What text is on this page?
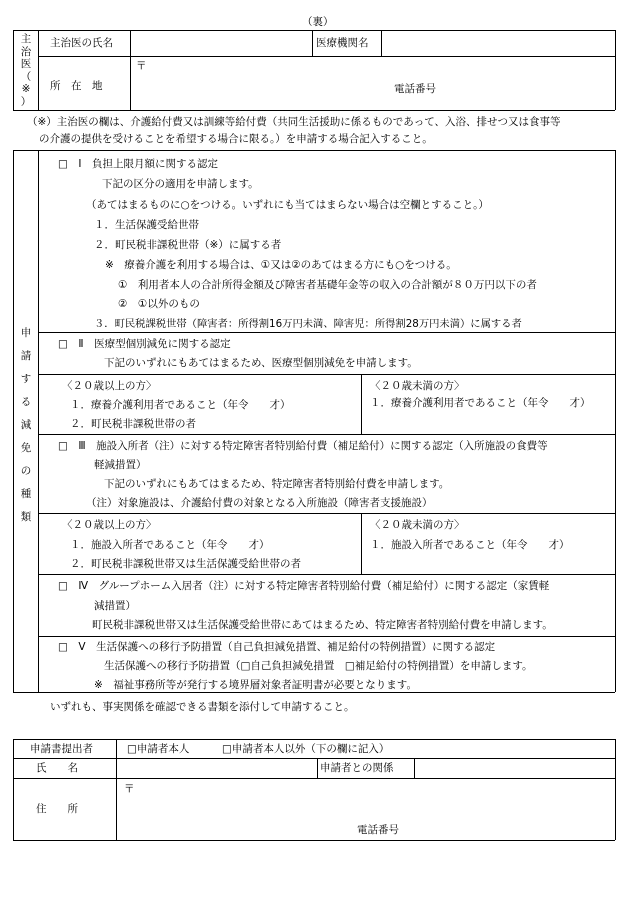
（裏）
主
治
医
（
※
）
主治医の氏名	医療機関名
所　在　地
〒
電話番号
（※）主治医の欄は、介護給付費又は訓練等給付費（共同生活援助に係るものであって、入浴、排せつ又は食事等
の介護の提供を受けることを希望する場合に限る。）を申請する場合記入すること。
申
請
す
る
減
免
の
種
類
□　Ⅰ　負担上限月額に関する認定
下記の区分の適用を申請します。
（あてはまるものに○をつける。いずれにも当てはまらない場合は空欄とすること。）
１．生活保護受給世帯
２．町民税非課税世帯（※）に属する者
※　療養介護を利用する場合は、①又は②のあてはまる方にも○をつける。
①　利用者本人の合計所得金額及び障害者基礎年金等の収入の合計額が８０万円以下の者
②　①以外のもの
３．町民税課税世帯（障害者：所得割16万円未満、障害児：所得割28万円未満）に属する者
□　Ⅱ　医療型個別減免に関する認定
下記のいずれにもあてはまるため、医療型個別減免を申請します。
〈２０歳以上の方〉
１．療養介護利用者であること（年令　　才）
２．町民税非課税世帯の者
〈２０歳未満の方〉
１．療養介護利用者であること（年令　　才）
□　Ⅲ　施設入所者（注）に対する特定障害者特別給付費（補足給付）に関する認定（入所施設の食費等
軽減措置）
下記のいずれにもあてはまるため、特定障害者特別給付費を申請します。
（注）対象施設は、介護給付費の対象となる入所施設（障害者支援施設）
〈２０歳以上の方〉
１．施設入所者であること（年令　　才）
２．町民税非課税世帯又は生活保護受給世帯の者
〈２０歳未満の方〉
１．施設入所者であること（年令　　才）
□　Ⅳ　グループホーム入居者（注）に対する特定障害者特別給付費（補足給付）に関する認定（家賃軽
減措置）
町民税非課税世帯又は生活保護受給世帯にあてはまるため、特定障害者特別給付費を申請します。
□　Ⅴ　生活保護への移行予防措置（自己負担減免措置、補足給付の特例措置）に関する認定
生活保護への移行予防措置（□自己負担減免措置　□補足給付の特例措置）を申請します。
※　福祉事務所等が発行する境界層対象者証明書が必要となります。
いずれも、事実関係を確認できる書類を添付して申請すること。
申請書提出者	□申請者本人	□申請者本人以外（下の欄に記入）
氏　　名	申請者との関係
住　　所
〒
電話番号
